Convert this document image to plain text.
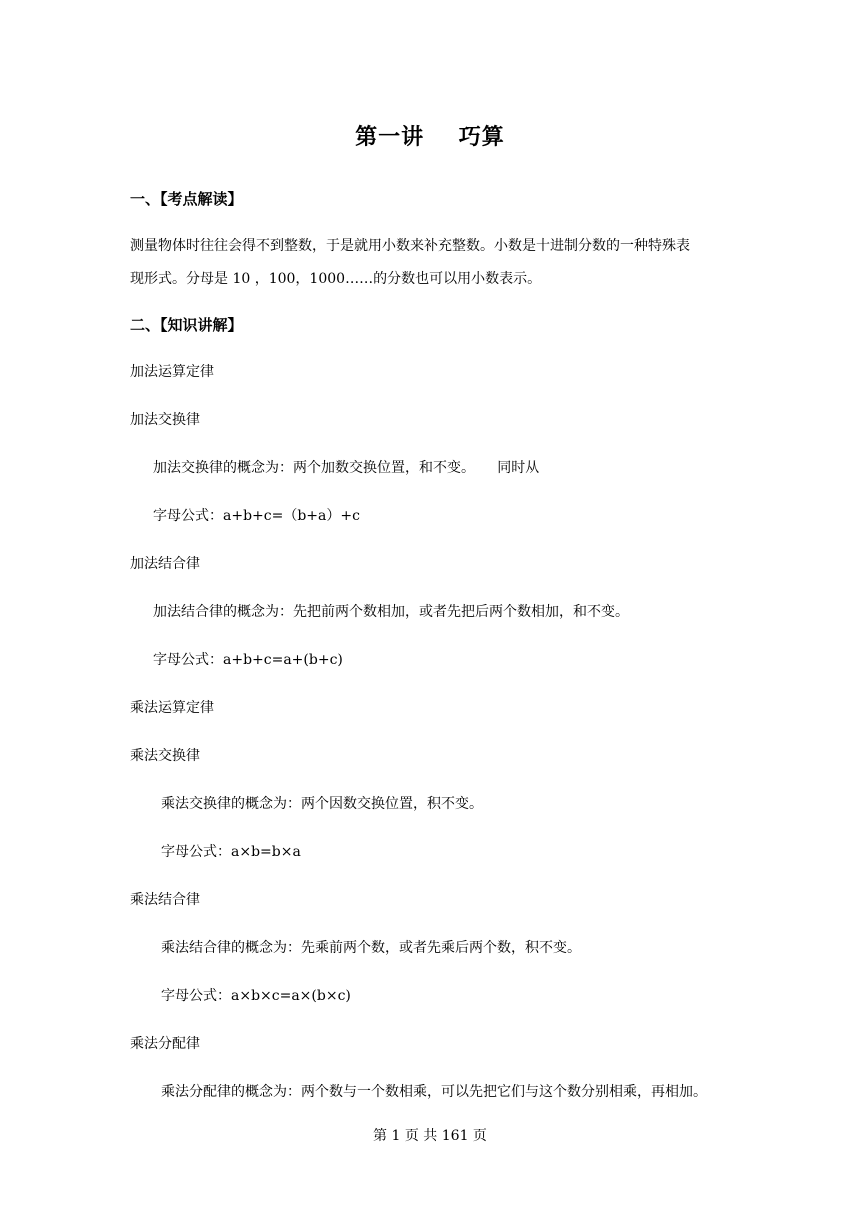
第一讲    巧算
一、【考点解读】
测量物体时往往会得不到整数，于是就用小数来补充整数。小数是十进制分数的一种特殊表
现形式。分母是 10 ，100，1000……的分数也可以用小数表示。
二、【知识讲解】
加法运算定律
加法交换律
加法交换律的概念为：两个加数交换位置，和不变。     同时从
字母公式：a+b+c=（b+a）+c
加法结合律
加法结合律的概念为：先把前两个数相加，或者先把后两个数相加，和不变。
字母公式：a+b+c=a+(b+c)
乘法运算定律
乘法交换律
乘法交换律的概念为：两个因数交换位置，积不变。
字母公式：a×b=b×a
乘法结合律
乘法结合律的概念为：先乘前两个数，或者先乘后两个数，积不变。
字母公式：a×b×c=a×(b×c)
乘法分配律
乘法分配律的概念为：两个数与一个数相乘，可以先把它们与这个数分别相乘，再相加。
第 1 页 共 161 页
